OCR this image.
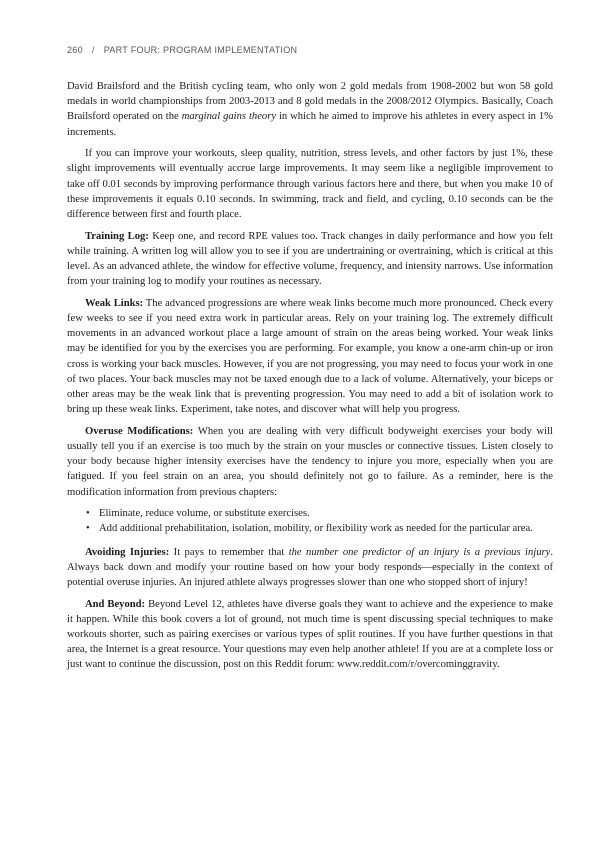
260 / PART FOUR: PROGRAM IMPLEMENTATION

David Brailsford and the British cycling team, who only won 2 gold medals from 1908-2002 but won 58 gold medals in world championships from 2003-2013 and 8 gold medals in the 2008/2012 Olympics. Basically, Coach Brailsford operated on the marginal gains theory in which he aimed to improve his athletes in every aspect in 1% increments.

If you can improve your workouts, sleep quality, nutrition, stress levels, and other factors by just 1%, these slight improvements will eventually accrue large improvements. It may seem like a negligible improvement to take off 0.01 seconds by improving performance through various factors here and there, but when you make 10 of these improvements it equals 0.10 seconds. In swimming, track and field, and cycling, 0.10 seconds can be the difference between first and fourth place.

Training Log: Keep one, and record RPE values too. Track changes in daily performance and how you felt while training. A written log will allow you to see if you are undertraining or overtraining, which is critical at this level. As an advanced athlete, the window for effective volume, frequency, and intensity narrows. Use information from your training log to modify your routines as necessary.

Weak Links: The advanced progressions are where weak links become much more pronounced. Check every few weeks to see if you need extra work in particular areas. Rely on your training log. The extremely difficult movements in an advanced workout place a large amount of strain on the areas being worked. Your weak links may be identified for you by the exercises you are performing. For example, you know a one-arm chin-up or iron cross is working your back muscles. However, if you are not progressing, you may need to focus your work in one of two places. Your back muscles may not be taxed enough due to a lack of volume. Alternatively, your biceps or other areas may be the weak link that is preventing progression. You may need to add a bit of isolation work to bring up these weak links. Experiment, take notes, and discover what will help you progress.

Overuse Modifications: When you are dealing with very difficult bodyweight exercises your body will usually tell you if an exercise is too much by the strain on your muscles or connective tissues. Listen closely to your body because higher intensity exercises have the tendency to injure you more, especially when you are fatigued. If you feel strain on an area, you should definitely not go to failure. As a reminder, here is the modification information from previous chapters:

• Eliminate, reduce volume, or substitute exercises.
• Add additional prehabilitation, isolation, mobility, or flexibility work as needed for the particular area.

Avoiding Injuries: It pays to remember that the number one predictor of an injury is a previous injury. Always back down and modify your routine based on how your body responds—especially in the context of potential overuse injuries. An injured athlete always progresses slower than one who stopped short of injury!

And Beyond: Beyond Level 12, athletes have diverse goals they want to achieve and the experience to make it happen. While this book covers a lot of ground, not much time is spent discussing special techniques to make workouts shorter, such as pairing exercises or various types of split routines. If you have further questions in that area, the Internet is a great resource. Your questions may even help another athlete! If you are at a complete loss or just want to continue the discussion, post on this Reddit forum: www.reddit.com/r/overcominggravity.
